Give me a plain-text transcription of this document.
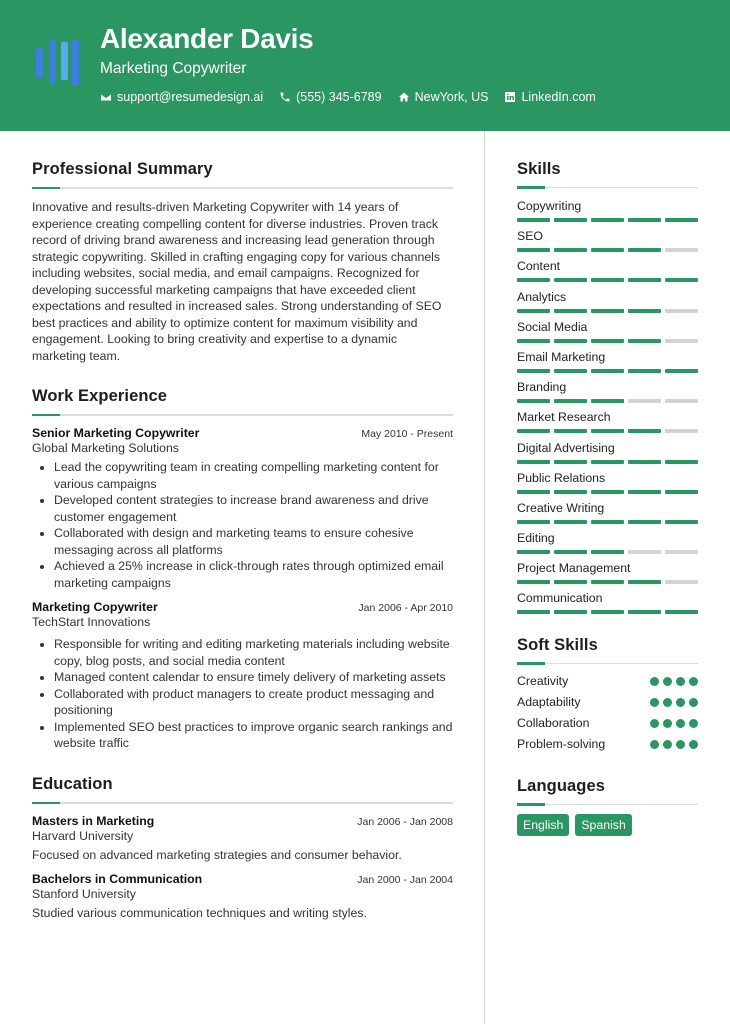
Alexander Davis
Marketing Copywriter
support@resumedesign.ai	(555) 345-6789	NewYork, US	LinkedIn.com
Professional Summary

Innovative and results-driven Marketing Copywriter with 14 years of experience creating compelling content for diverse industries. Proven track record of driving brand awareness and increasing lead generation through strategic copywriting. Skilled in crafting engaging copy for various channels including websites, social media, and email campaigns. Recognized for developing successful marketing campaigns that have exceeded client expectations and resulted in increased sales. Strong understanding of SEO best practices and ability to optimize content for maximum visibility and engagement. Looking to bring creativity and expertise to a dynamic marketing team.

Work Experience
Senior Marketing Copywriter	May 2010 - Present
Global Marketing Solutions
• Lead the copywriting team in creating compelling marketing content for various campaigns
• Developed content strategies to increase brand awareness and drive customer engagement
• Collaborated with design and marketing teams to ensure cohesive messaging across all platforms
• Achieved a 25% increase in click-through rates through optimized email marketing campaigns
Marketing Copywriter	Jan 2006 - Apr 2010
TechStart Innovations
• Responsible for writing and editing marketing materials including website copy, blog posts, and social media content
• Managed content calendar to ensure timely delivery of marketing assets
• Collaborated with product managers to create product messaging and positioning
• Implemented SEO best practices to improve organic search rankings and website traffic
Education
Masters in Marketing	Jan 2006 - Jan 2008
Harvard University
Focused on advanced marketing strategies and consumer behavior.
Bachelors in Communication	Jan 2000 - Jan 2004
Stanford University
Studied various communication techniques and writing styles.
Skills
Copywriting
SEO
Content
Analytics
Social Media
Email Marketing
Branding
Market Research
Digital Advertising
Public Relations
Creative Writing
Editing
Project Management
Communication
Soft Skills
Creativity
Adaptability
Collaboration
Problem-solving
Languages
English	Spanish
